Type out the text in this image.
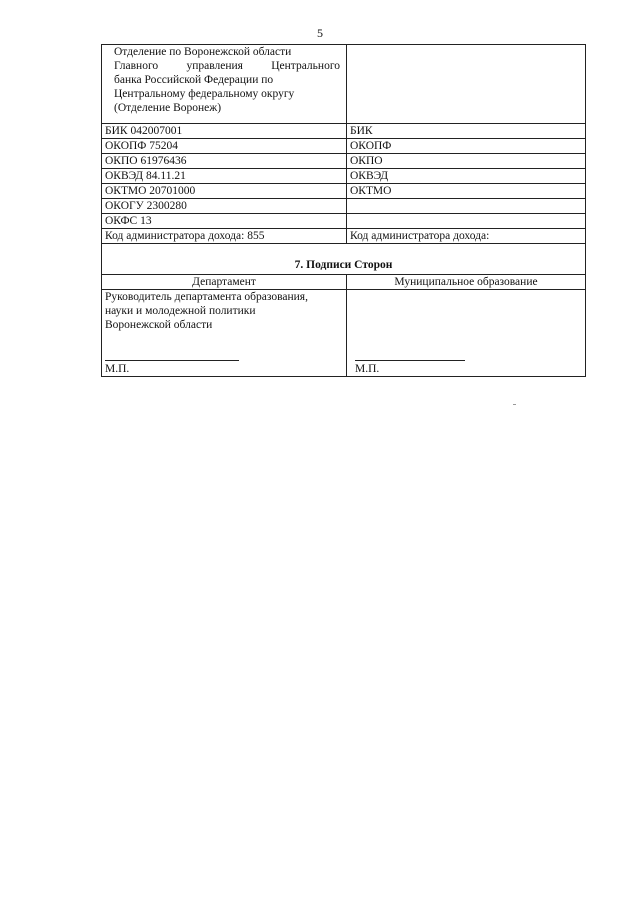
5
Отделение по Воронежской области
Главного управления Центрального
банка Российской Федерации по
Центральному федеральному округу
(Отделение Воронеж)	

БИК 042007001	БИК
ОКОПФ 75204	ОКОПФ
ОКПО 61976436	ОКПО
ОКВЭД 84.11.21	ОКВЭД
ОКТМО 20701000	ОКТМО
ОКОГУ 2300280	
ОКФС 13	
Код администратора дохода: 855	Код администратора дохода:
7. Подписи Сторон	
Департамент	Муниципальное образование

Руководитель департамента образования,
науки и молодежной политики
Воронежской области
М.П.	М.П.
